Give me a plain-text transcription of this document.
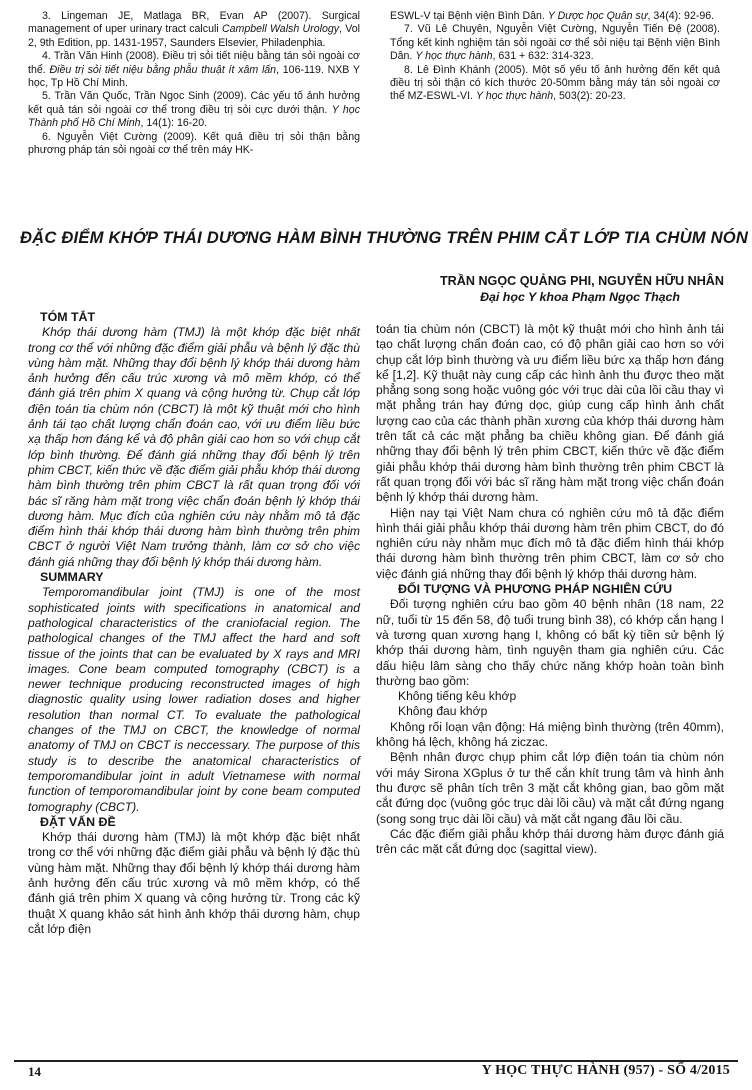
3. Lingeman JE, Matlaga BR, Evan AP (2007). Surgical management of uper urinary tract calculi Campbell Walsh Urology, Vol 2, 9th Edition, pp. 1431-1957, Saunders Elsevier, Philadenphia.

4. Trần Văn Hinh (2008). Điều trị sỏi tiết niệu bằng tán sỏi ngoài cơ thể. Điều trị sỏi tiết niệu bằng phẫu thuật ít xâm lấn, 106-119. NXB Y học, Tp Hồ Chí Minh.

5. Trần Văn Quốc, Trần Ngọc Sinh (2009). Các yếu tố ảnh hưởng kết quả tán sỏi ngoài cơ thể trong điều trị sỏi cực dưới thận. Y học Thành phố Hồ Chí Minh, 14(1): 16-20.

6. Nguyễn Việt Cường (2009). Kết quả điều trị sỏi thận bằng phương pháp tán sỏi ngoài cơ thể trên máy HK-

ESWL-V tại Bệnh viện Bình Dân. Y Dược học Quân sự, 34(4): 92-96.

7. Vũ Lê Chuyên, Nguyễn Việt Cường, Nguyễn Tiến Đệ (2008). Tổng kết kinh nghiệm tán sỏi ngoài cơ thể sỏi niệu tại Bệnh viện Bình Dân. Y học thực hành, 631 + 632: 314-323.

8. Lê Đình Khánh (2005). Một số yếu tố ảnh hưởng đến kết quả điều trị sỏi thận có kích thước 20-50mm bằng máy tán sỏi ngoài cơ thể MZ-ESWL-VI. Y học thực hành, 503(2): 20-23.

ĐẶC ĐIỂM KHỚP THÁI DƯƠNG HÀM BÌNH THƯỜNG TRÊN PHIM CẮT LỚP TIA CHÙM NÓN
TRẦN NGỌC QUẢNG PHI, NGUYỄN HỮU NHÂN
Đại học Y khoa Phạm Ngọc Thạch
TÓM TẮT

Khớp thái dương hàm (TMJ) là một khớp đặc biệt nhất trong cơ thể với những đặc điểm giải phẫu và bệnh lý đặc thù vùng hàm mặt. Những thay đổi bệnh lý khớp thái dương hàm ảnh hưởng đến cấu trúc xương và mô mềm khớp, có thể đánh giá trên phim X quang và cộng hưởng từ. Chụp cắt lớp điện toán tia chùm nón (CBCT) là một kỹ thuật mới cho hình ảnh tái tạo chất lượng chẩn đoán cao, với ưu điểm liều bức xạ thấp hơn đáng kể và độ phân giải cao hơn so với chụp cắt lớp bình thường. Để đánh giá những thay đổi bệnh lý trên phim CBCT, kiến thức về đặc điểm giải phẫu khớp thái dương hàm bình thường trên phim CBCT là rất quan trọng đối với bác sĩ răng hàm mặt trong việc chẩn đoán bệnh lý khớp thái dương hàm. Mục đích của nghiên cứu này nhằm mô tả đặc điểm hình thái khớp thái dương hàm bình thường trên phim CBCT ở người Việt Nam trưởng thành, làm cơ sở cho việc đánh giá những thay đổi bệnh lý khớp thái dương hàm.

SUMMARY

Temporomandibular joint (TMJ) is one of the most sophisticated joints with specifications in anatomical and pathological characteristics of the craniofacial region. The pathological changes of the TMJ affect the hard and soft tissue of the joints that can be evaluated by X rays and MRI images. Cone beam computed tomography (CBCT) is a newer technique producing reconstructed images of high diagnostic quality using lower radiation doses and higher resolution than normal CT. To evaluate the pathological changes of the TMJ on CBCT, the knowledge of normal anatomy of TMJ on CBCT is neccessary. The purpose of this study is to describe the anatomical characteristics of temporomandibular joint in adult Vietnamese with normal function of temporomandibular joint by cone beam computed tomography (CBCT).

ĐẶT VẤN ĐỀ

Khớp thái dương hàm (TMJ) là một khớp đặc biệt nhất trong cơ thể với những đặc điểm giải phẫu và bệnh lý đặc thù vùng hàm mặt. Những thay đổi bệnh lý khớp thái dương hàm ảnh hưởng đến cấu trúc xương và mô mềm khớp, có thể đánh giá trên phim X quang và cộng hưởng từ. Trong các kỹ thuật X quang khảo sát hình ảnh khớp thái dương hàm, chụp cắt lớp điện

toán tia chùm nón (CBCT) là một kỹ thuật mới cho hình ảnh tái tạo chất lượng chẩn đoán cao, có độ phân giải cao hơn so với chụp cắt lớp bình thường và ưu điểm liều bức xạ thấp hơn đáng kể [1,2]. Kỹ thuật này cung cấp các hình ảnh thu được theo mặt phẳng song song hoặc vuông góc với trục dài của lồi cầu thay vì mặt phẳng trán hay đứng dọc, giúp cung cấp hình ảnh chất lượng cao của các thành phần xương của khớp thái dương hàm trên tất cả các mặt phẳng ba chiều không gian. Để đánh giá những thay đổi bệnh lý trên phim CBCT, kiến thức về đặc điểm giải phẫu khớp thái dương hàm bình thường trên phim CBCT là rất quan trọng đối với bác sĩ răng hàm mặt trong việc chẩn đoán bệnh lý khớp thái dương hàm.

Hiện nay tại Việt Nam chưa có nghiên cứu mô tả đặc điểm hình thái giải phẫu khớp thái dương hàm trên phim CBCT, do đó nghiên cứu này nhằm mục đích mô tả đặc điểm hình thái khớp thái dương hàm bình thường trên phim CBCT, làm cơ sở cho việc đánh giá những thay đổi bệnh lý khớp thái dương hàm.

ĐỐI TƯỢNG VÀ PHƯƠNG PHÁP NGHIÊN CỨU

Đối tượng nghiên cứu bao gồm 40 bệnh nhân (18 nam, 22 nữ, tuổi từ 15 đến 58, độ tuổi trung bình 38), có khớp cắn hạng I và tương quan xương hạng I, không có bất kỳ tiền sử bệnh lý khớp thái dương hàm, tình nguyện tham gia nghiên cứu. Các dấu hiệu lâm sàng cho thấy chức năng khớp hoàn toàn bình thường bao gồm:

Không tiếng kêu khớp
Không đau khớp

Không rối loạn vận động: Há miệng bình thường (trên 40mm), không há lệch, không há ziczac.

Bệnh nhân được chụp phim cắt lớp điện toán tia chùm nón với máy Sirona XGplus ở tư thế cắn khít trung tâm và hình ảnh thu được sẽ phân tích trên 3 mặt cắt không gian, bao gồm mặt cắt đứng dọc (vuông góc trục dài lồi cầu) và mặt cắt đứng ngang (song song trục dài lồi cầu) và mặt cắt ngang đầu lồi cầu.

Các đặc điểm giải phẫu khớp thái dương hàm được đánh giá trên các mặt cắt đứng dọc (sagittal view).

14	Y HỌC THỰC HÀNH (957) - SỐ 4/2015
